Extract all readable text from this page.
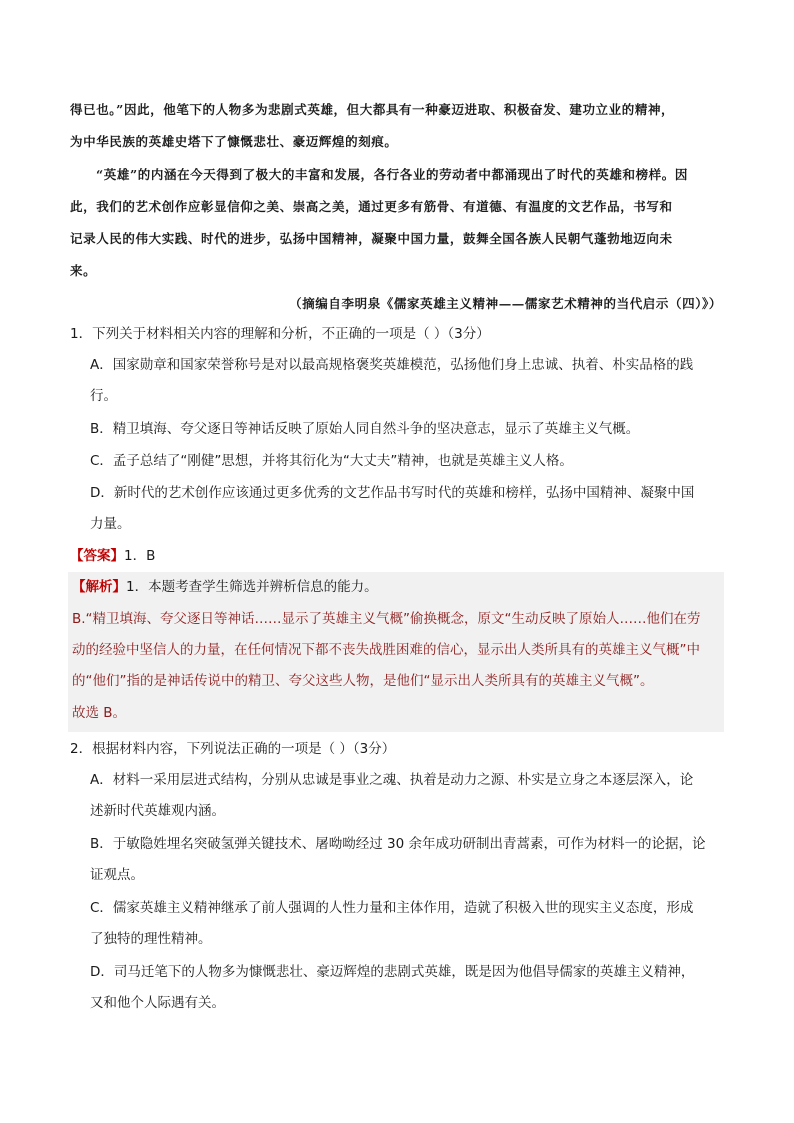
得已也。”因此，他笔下的人物多为悲剧式英雄，但大都具有一种豪迈进取、积极奋发、建功立业的精神，

为中华民族的英雄史塔下了慷慨悲壮、豪迈辉煌的刻痕。

“英雄”的内涵在今天得到了极大的丰富和发展，各行各业的劳动者中都涌现出了时代的英雄和榜样。因

此，我们的艺术创作应彰显信仰之美、崇高之美，通过更多有筋骨、有道德、有温度的文艺作品，书写和

记录人民的伟大实践、时代的进步，弘扬中国精神，凝聚中国力量，鼓舞全国各族人民朝气蓬勃地迈向未

来。

（摘编自李明泉《儒家英雄主义精神——儒家艺术精神的当代启示（四）》）

1．下列关于材料相关内容的理解和分析，不正确的一项是（ ）（3分）

A．国家勋章和国家荣誉称号是对以最高规格褒奖英雄模范，弘扬他们身上忠诚、执着、朴实品格的践

行。

B．精卫填海、夸父逐日等神话反映了原始人同自然斗争的坚决意志，显示了英雄主义气概。

C．孟子总结了“刚健”思想，并将其衍化为“大丈夫”精神，也就是英雄主义人格。

D．新时代的艺术创作应该通过更多优秀的文艺作品书写时代的英雄和榜样，弘扬中国精神、凝聚中国

力量。

【答案】1．B

【解析】1．本题考查学生筛选并辨析信息的能力。

B.“精卫填海、夸父逐日等神话……显示了英雄主义气概”偷换概念，原文“生动反映了原始人……他们在劳

动的经验中坚信人的力量，在任何情况下都不丧失战胜困难的信心，显示出人类所具有的英雄主义气概”中

的“他们”指的是神话传说中的精卫、夸父这些人物，是他们“显示出人类所具有的英雄主义气概”。

故选 B。

2．根据材料内容，下列说法正确的一项是（ ）（3分）

A．材料一采用层进式结构，分别从忠诚是事业之魂、执着是动力之源、朴实是立身之本逐层深入，论

述新时代英雄观内涵。

B．于敏隐姓埋名突破氢弹关键技术、屠呦呦经过 30 余年成功研制出青蒿素，可作为材料一的论据，论

证观点。

C．儒家英雄主义精神继承了前人强调的人性力量和主体作用，造就了积极入世的现实主义态度，形成

了独特的理性精神。

D．司马迁笔下的人物多为慷慨悲壮、豪迈辉煌的悲剧式英雄，既是因为他倡导儒家的英雄主义精神，

又和他个人际遇有关。
